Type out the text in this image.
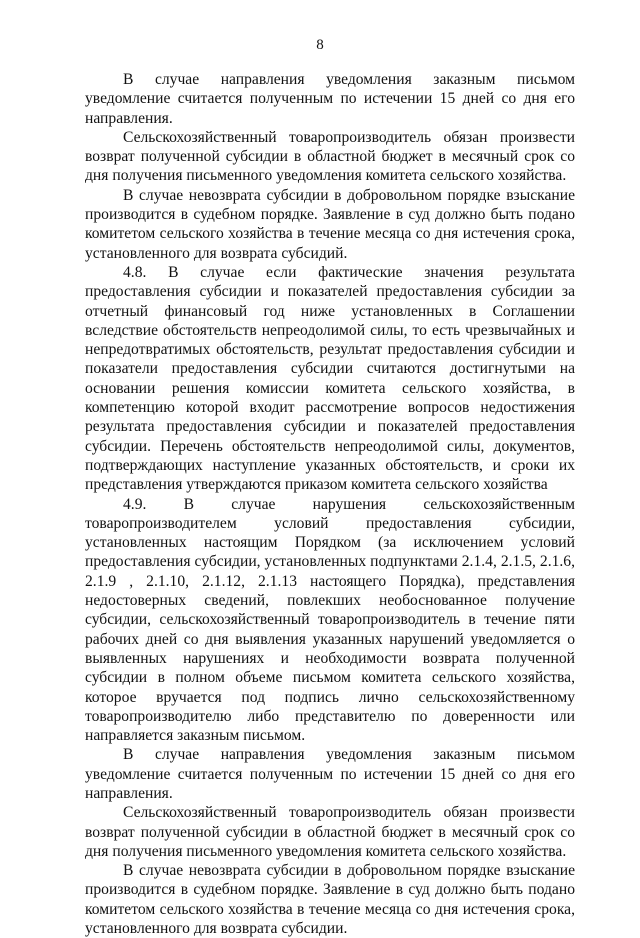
8

В случае направления уведомления заказным письмом уведомление считается полученным по истечении 15 дней со дня его направления.

Сельскохозяйственный товаропроизводитель обязан произвести возврат полученной субсидии в областной бюджет в месячный срок со дня получения письменного уведомления комитета сельского хозяйства.

В случае невозврата субсидии в добровольном порядке взыскание производится в судебном порядке. Заявление в суд должно быть подано комитетом сельского хозяйства в течение месяца со дня истечения срока, установленного для возврата субсидий.

4.8. В случае если фактические значения результата предоставления субсидии и показателей предоставления субсидии за отчетный финансовый год ниже установленных в Соглашении вследствие обстоятельств непреодолимой силы, то есть чрезвычайных и непредотвратимых обстоятельств, результат предоставления субсидии и показатели предоставления субсидии считаются достигнутыми на основании решения комиссии комитета сельского хозяйства, в компетенцию которой входит рассмотрение вопросов недостижения результата предоставления субсидии и показателей предоставления субсидии. Перечень обстоятельств непреодолимой силы, документов, подтверждающих наступление указанных обстоятельств, и сроки их представления утверждаются приказом комитета сельского хозяйства

4.9. В случае нарушения сельскохозяйственным товаропроизводителем условий предоставления субсидии, установленных настоящим Порядком (за исключением условий предоставления субсидии, установленных подпунктами 2.1.4, 2.1.5, 2.1.6, 2.1.9 , 2.1.10, 2.1.12, 2.1.13 настоящего Порядка), представления недостоверных сведений, повлекших необоснованное получение субсидии, сельскохозяйственный товаропроизводитель в течение пяти рабочих дней со дня выявления указанных нарушений уведомляется о выявленных нарушениях и необходимости возврата полученной субсидии в полном объеме письмом комитета сельского хозяйства, которое вручается под подпись лично сельскохозяйственному товаропроизводителю либо представителю по доверенности или направляется заказным письмом.

В случае направления уведомления заказным письмом уведомление считается полученным по истечении 15 дней со дня его направления.

Сельскохозяйственный товаропроизводитель обязан произвести возврат полученной субсидии в областной бюджет в месячный срок со дня получения письменного уведомления комитета сельского хозяйства.

В случае невозврата субсидии в добровольном порядке взыскание производится в судебном порядке. Заявление в суд должно быть подано комитетом сельского хозяйства в течение месяца со дня истечения срока, установленного для возврата субсидии.
